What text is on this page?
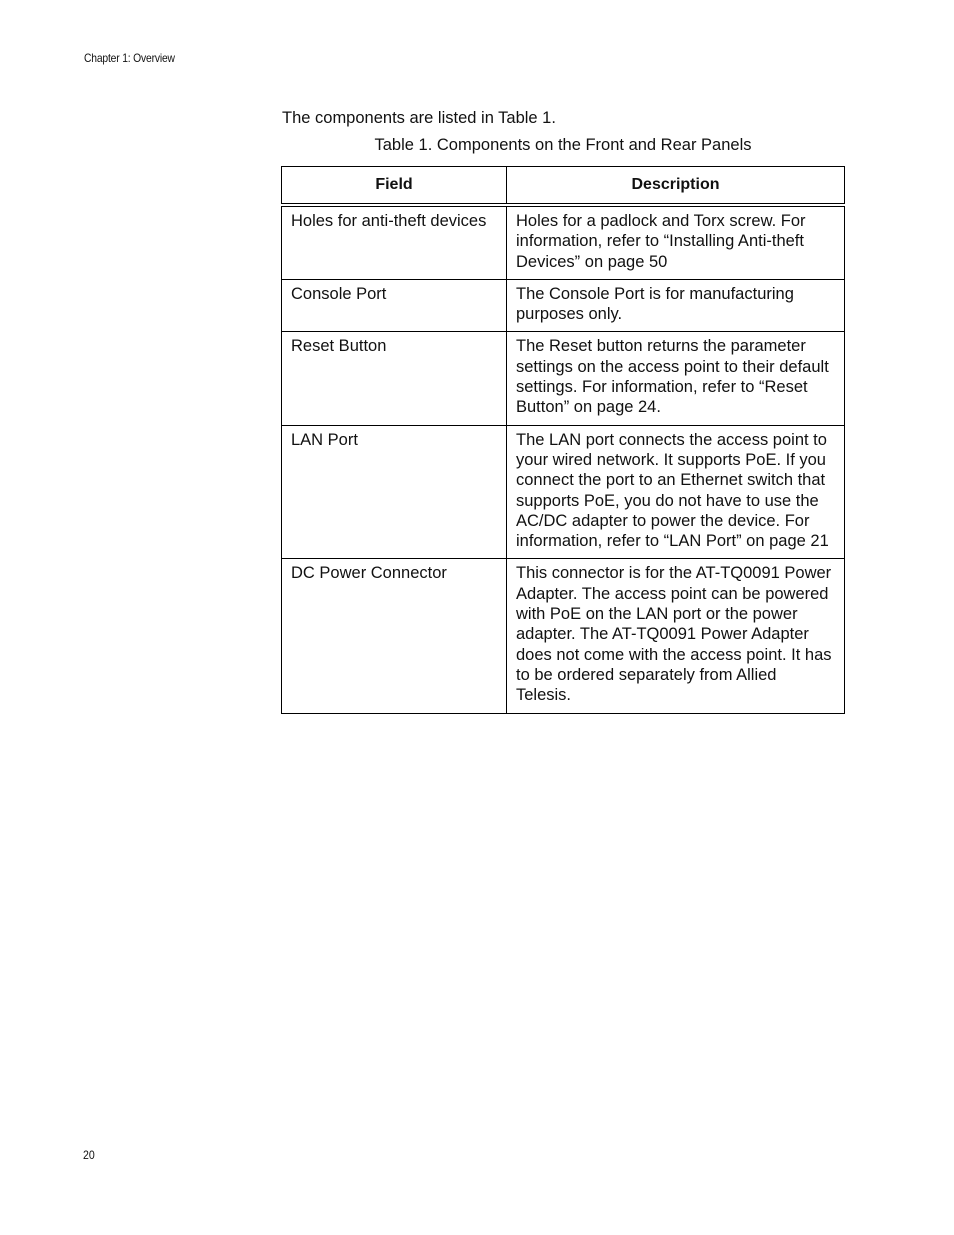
Chapter 1: Overview

The components are listed in Table 1.

Table 1. Components on the Front and Rear Panels
Field	Description
Holes for anti-theft devices	Holes for a padlock and Torx screw. For information, refer to “Installing Anti-theft Devices” on page 50
Console Port	The Console Port is for manufacturing purposes only.
Reset Button	The Reset button returns the parameter settings on the access point to their default settings. For information, refer to “Reset Button” on page 24.
LAN Port	The LAN port connects the access point to your wired network. It supports PoE. If you connect the port to an Ethernet switch that supports PoE, you do not have to use the AC/DC adapter to power the device. For information, refer to “LAN Port” on page 21
DC Power Connector	This connector is for the AT-TQ0091 Power Adapter. The access point can be powered with PoE on the LAN port or the power adapter. The AT-TQ0091 Power Adapter does not come with the access point. It has to be ordered separately from Allied Telesis.
20
